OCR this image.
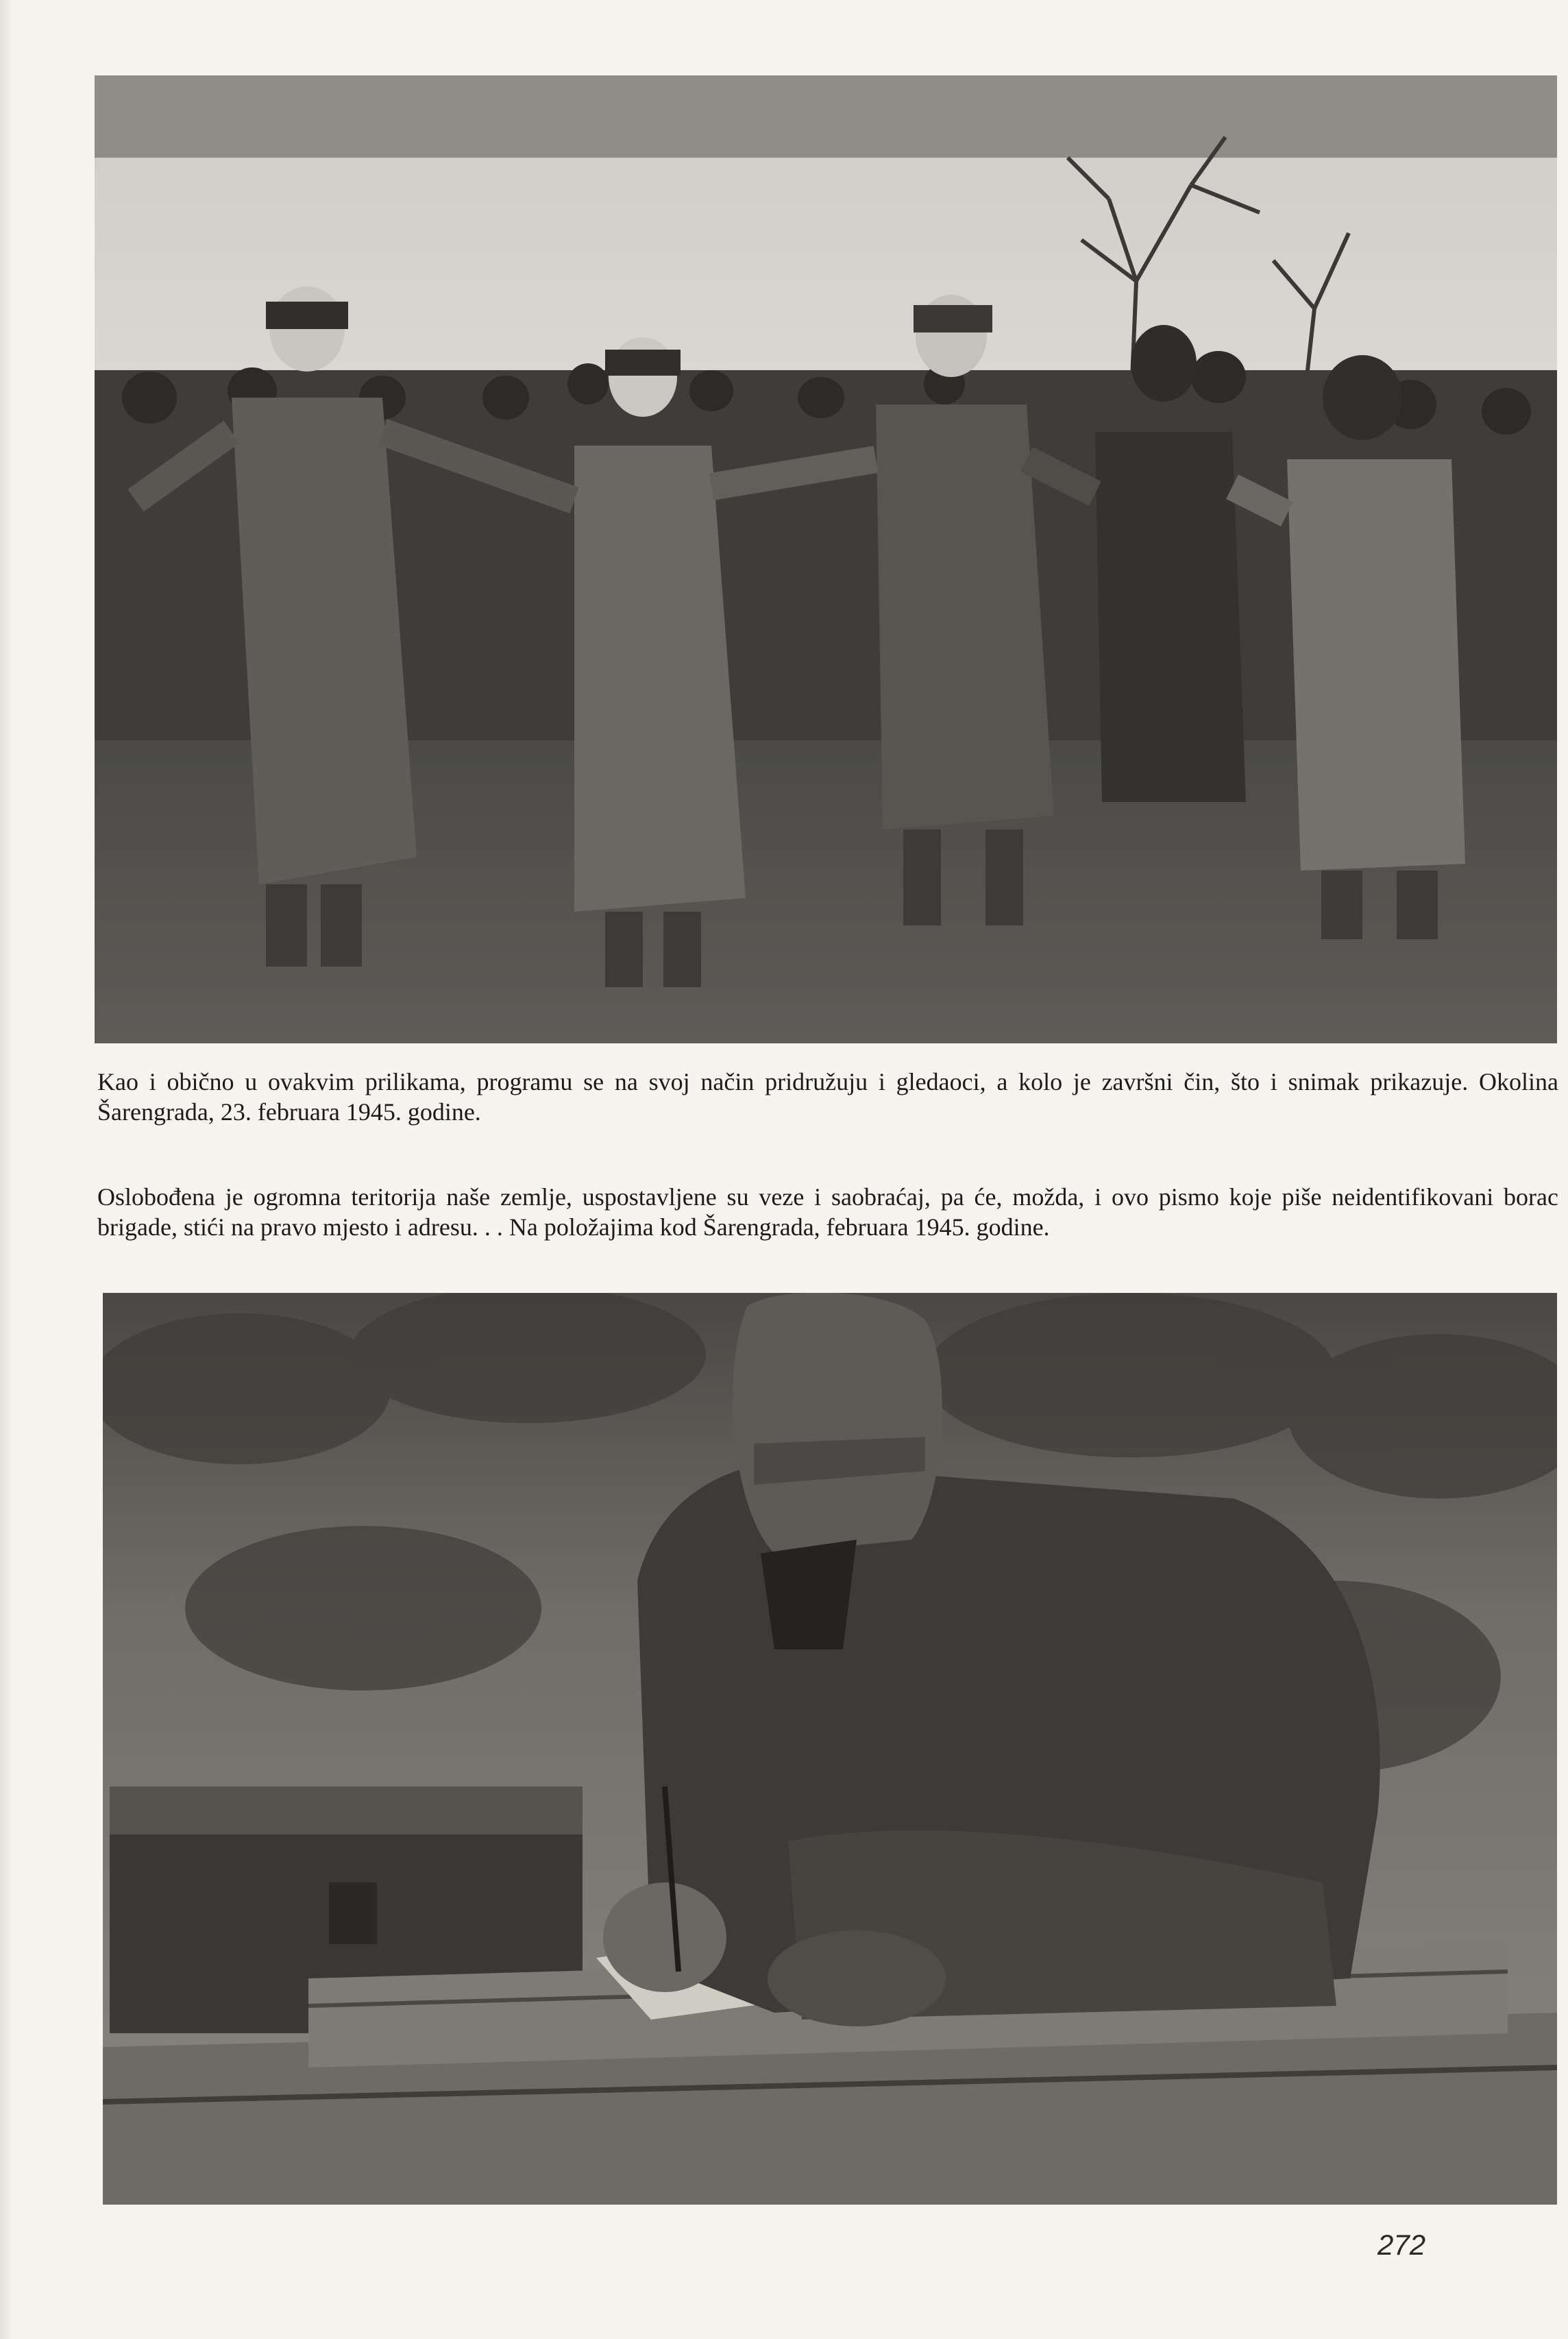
Kao i obično u ovakvim prilikama, programu se na svoj način pridružuju i gledaoci, a kolo je završni čin, što i snimak prikazuje. Okolina Šarengrada, 23. februara 1945. godine.

Oslobođena je ogromna teritorija naše zemlje, uspostavljene su veze i saobraćaj, pa će, možda, i ovo pismo koje piše neidentifikovani borac brigade, stići na pravo mjesto i adresu. . . Na položajima kod Šarengrada, februara 1945. godine.

272
